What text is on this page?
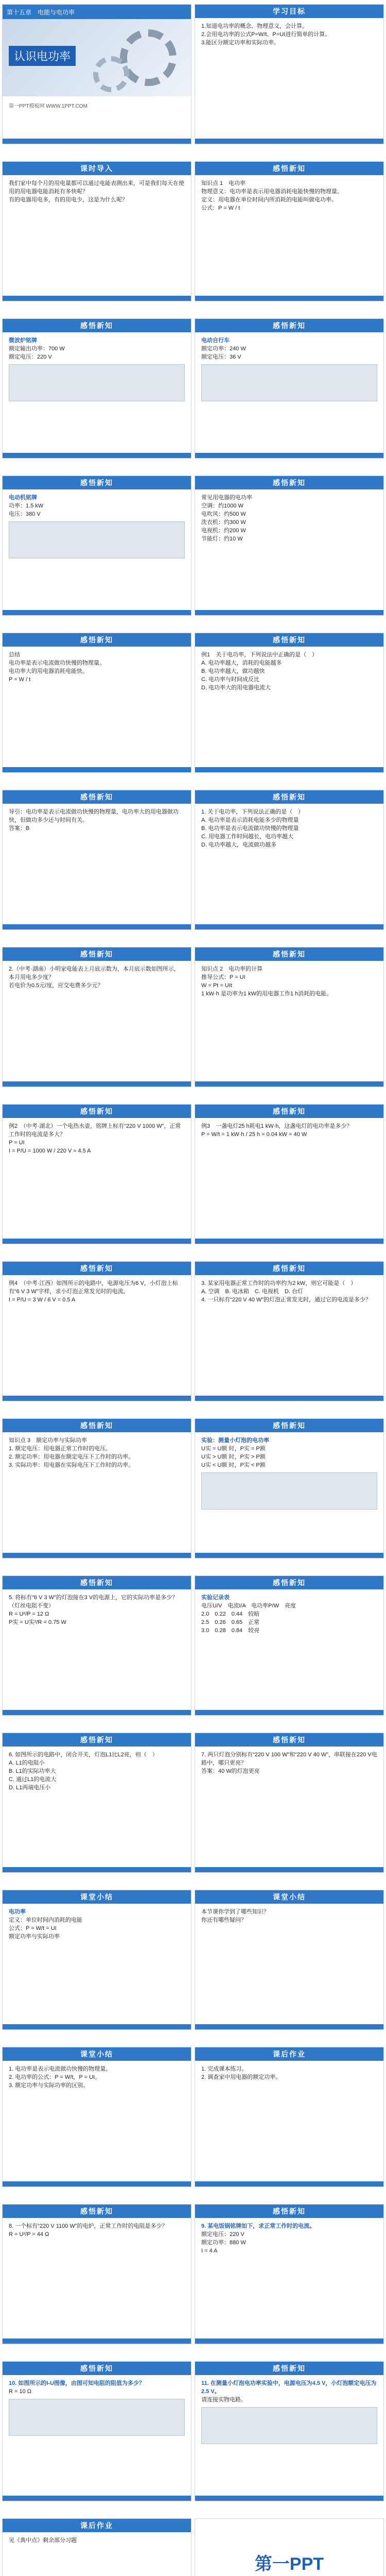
第十五章　电能与电功率
认识电功率
第一PPT模板网 WWW.1PPT.COM
学习目标
1.知道电功率的概念、物理意义，会计算。
2.会用电功率的公式P=W/t、P=UI进行简单的计算。
3.能区分额定功率和实际功率。
课时导入
我们家中每个月的用电量都可以通过电能表测出来，可是我们每天在使用的用电器电能消耗有多快呢？
有的电器用电多，有的用电少，这是为什么呢？
感悟新知
知识点 1　电功率
物理意义：电功率是表示用电器消耗电能快慢的物理量。
定义：用电器在单位时间内所消耗的电能叫做电功率。
公式：P = W / t
感悟新知
微波炉铭牌
额定输出功率：700 W
额定电压：220 V
感悟新知
电动自行车
额定功率：240 W
额定电压：36 V
感悟新知
电动机铭牌
功率：1.5 kW
电压：380 V
感悟新知
常见用电器的电功率
空调：约1000 W
电吹风：约500 W
洗衣机：约300 W
电视机：约200 W
节能灯：约10 W
感悟新知
总结
电功率是表示电流做功快慢的物理量。
电功率大的用电器消耗电能快。
P = W / t
感悟新知
例1　关于电功率，下列说法中正确的是（　）
A. 电功率越大，消耗的电能越多
B. 电功率越大，做功越快
C. 电功率与时间成反比
D. 电功率大的用电器电流大
感悟新知
导引：电功率是表示电流做功快慢的物理量，电功率大的用电器做功快，但做功多少还与时间有关。
答案：B
感悟新知
1. 关于电功率，下列说法正确的是（　）
A. 电功率是表示消耗电能多少的物理量
B. 电功率是表示电流做功快慢的物理量
C. 用电器工作时间越长，电功率越大
D. 电功率越大，电流做功越多
感悟新知
2.（中考·湖南）小明家电能表上月底示数为，本月底示数如图所示，本月用电多少度？
若电价为0.5元/度，应交电费多少元？
感悟新知
知识点 2　电功率的计算
推导公式：P = UI
W = Pt = UIt
1 kW·h 是功率为1 kW的用电器工作1 h消耗的电能。
感悟新知
例2　（中考·湖北）一个电热水壶，铭牌上标有“220 V 1000 W”，正常工作时的电流是多大？
P = UI
I = P/U = 1000 W / 220 V ≈ 4.5 A
感悟新知
例3　一盏电灯25 h耗电1 kW·h，这盏电灯的电功率是多少？
P = W/t = 1 kW·h / 25 h = 0.04 kW = 40 W
感悟新知
例4　（中考·江西）如图所示的电路中，电源电压为6 V，小灯泡上标有“6 V 3 W”字样，求小灯泡正常发光时的电流。
I = P/U = 3 W / 6 V = 0.5 A
感悟新知
3. 某家用电器正常工作时的功率约为2 kW，则它可能是（　）
A. 空调　B. 电冰箱　C. 电视机　D. 台灯
4. 一只标有“220 V 40 W”的灯泡正常发光时，通过它的电流是多少？
感悟新知
知识点 3　额定功率与实际功率
1. 额定电压：用电器正常工作时的电压。
2. 额定功率：用电器在额定电压下工作时的功率。
3. 实际功率：用电器在实际电压下工作时的功率。
感悟新知
实验：测量小灯泡的电功率
U实 = U额 时，P实 = P额
U实 > U额 时，P实 > P额
U实 < U额 时，P实 < P额
感悟新知
5. 将标有“6 V 3 W”的灯泡接在3 V的电源上，它的实际功率是多少？（灯丝电阻不变）
R = U²/P = 12 Ω
P实 = U实²/R = 0.75 W
感悟新知
实验记录表
电压U/V　电流I/A　电功率P/W　亮度
2.0　0.22　0.44　较暗
2.5　0.26　0.65　正常
3.0　0.28　0.84　较亮
感悟新知
6. 如图所示的电路中，闭合开关，灯泡L1比L2亮，则（　）
A. L1的电阻小
B. L1的实际功率大
C. 通过L1的电流大
D. L1两端电压小
感悟新知
7. 两只灯泡分别标有“220 V 100 W”和“220 V 40 W”，串联接在220 V电路中，哪只更亮？
答案：40 W的灯泡更亮
课堂小结
电功率
定义：单位时间内消耗的电能
公式：P = W/t = UI
额定功率与实际功率
课堂小结
本节课你学到了哪些知识？
你还有哪些疑问？
课堂小结
1. 电功率是表示电流做功快慢的物理量。
2. 电功率的公式：P = W/t，P = UI。
3. 额定功率与实际功率的区别。
课后作业
1. 完成课本练习。
2. 调查家中用电器的额定功率。
感悟新知
8. 一个标有“220 V 1100 W”的电炉，正常工作时的电阻是多少？
R = U²/P = 44 Ω
感悟新知
9. 某电饭锅铭牌如下，求正常工作时的电流。
额定电压：220 V
额定功率：880 W
I = 4 A
感悟新知
10. 如图所示的I-U图像，由图可知电阻的阻值为多少？
R = 10 Ω
感悟新知
11. 在测量小灯泡电功率实验中，电源电压为4.5 V，小灯泡额定电压为2.5 V。
请连接实物电路。
课后作业
见《典中点》剩余部分习题
第一PPT
